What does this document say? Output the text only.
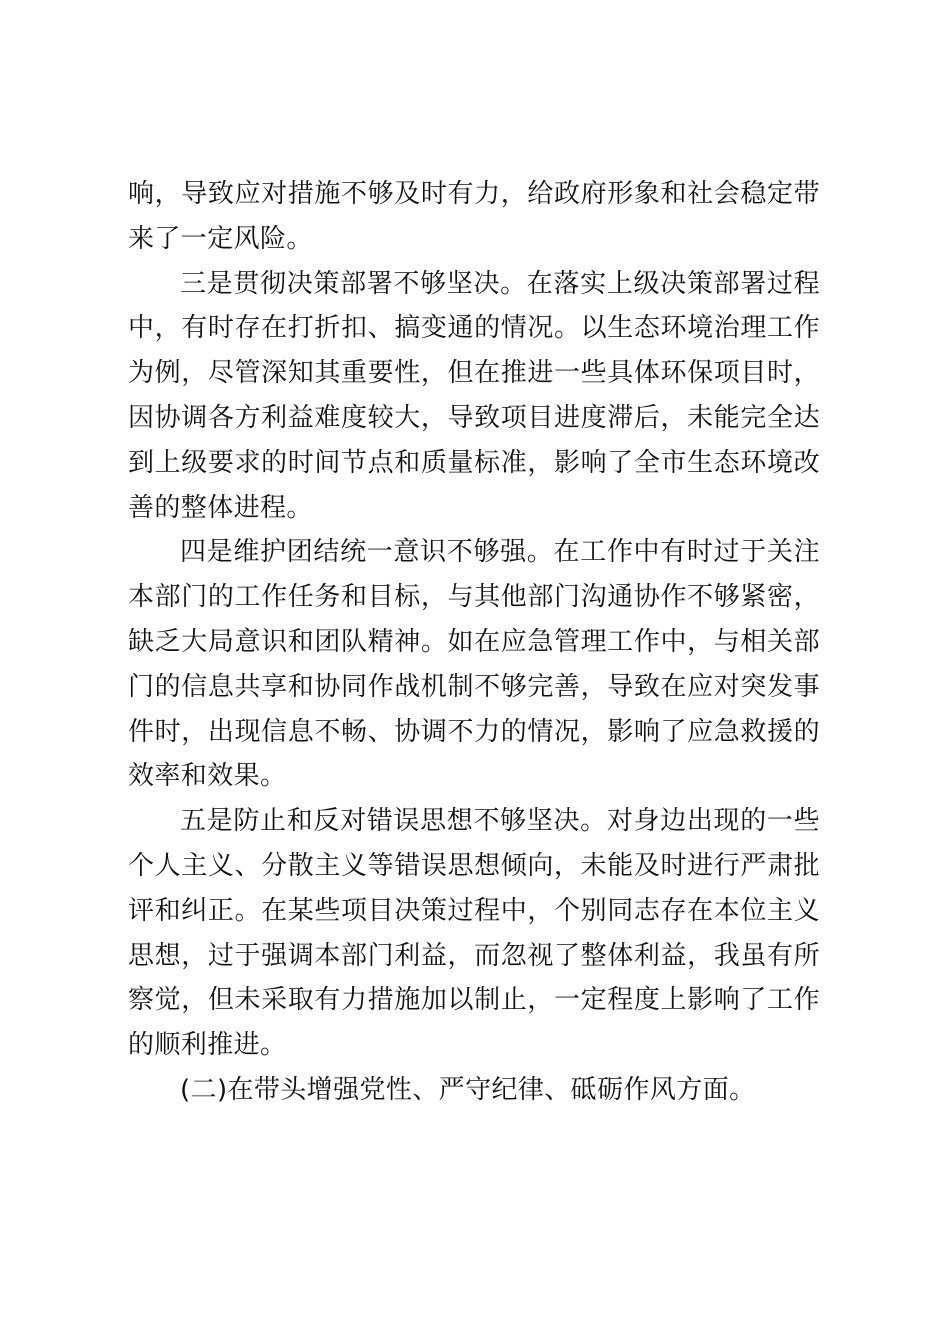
响，导致应对措施不够及时有力，给政府形象和社会稳定带来了一定风险。

三是贯彻决策部署不够坚决。在落实上级决策部署过程中，有时存在打折扣、搞变通的情况。以生态环境治理工作为例，尽管深知其重要性，但在推进一些具体环保项目时，因协调各方利益难度较大，导致项目进度滞后，未能完全达到上级要求的时间节点和质量标准，影响了全市生态环境改善的整体进程。

四是维护团结统一意识不够强。在工作中有时过于关注本部门的工作任务和目标，与其他部门沟通协作不够紧密，缺乏大局意识和团队精神。如在应急管理工作中，与相关部门的信息共享和协同作战机制不够完善，导致在应对突发事件时，出现信息不畅、协调不力的情况，影响了应急救援的效率和效果。

五是防止和反对错误思想不够坚决。对身边出现的一些个人主义、分散主义等错误思想倾向，未能及时进行严肃批评和纠正。在某些项目决策过程中，个别同志存在本位主义思想，过于强调本部门利益，而忽视了整体利益，我虽有所察觉，但未采取有力措施加以制止，一定程度上影响了工作的顺利推进。

(二)在带头增强党性、严守纪律、砥砺作风方面。
